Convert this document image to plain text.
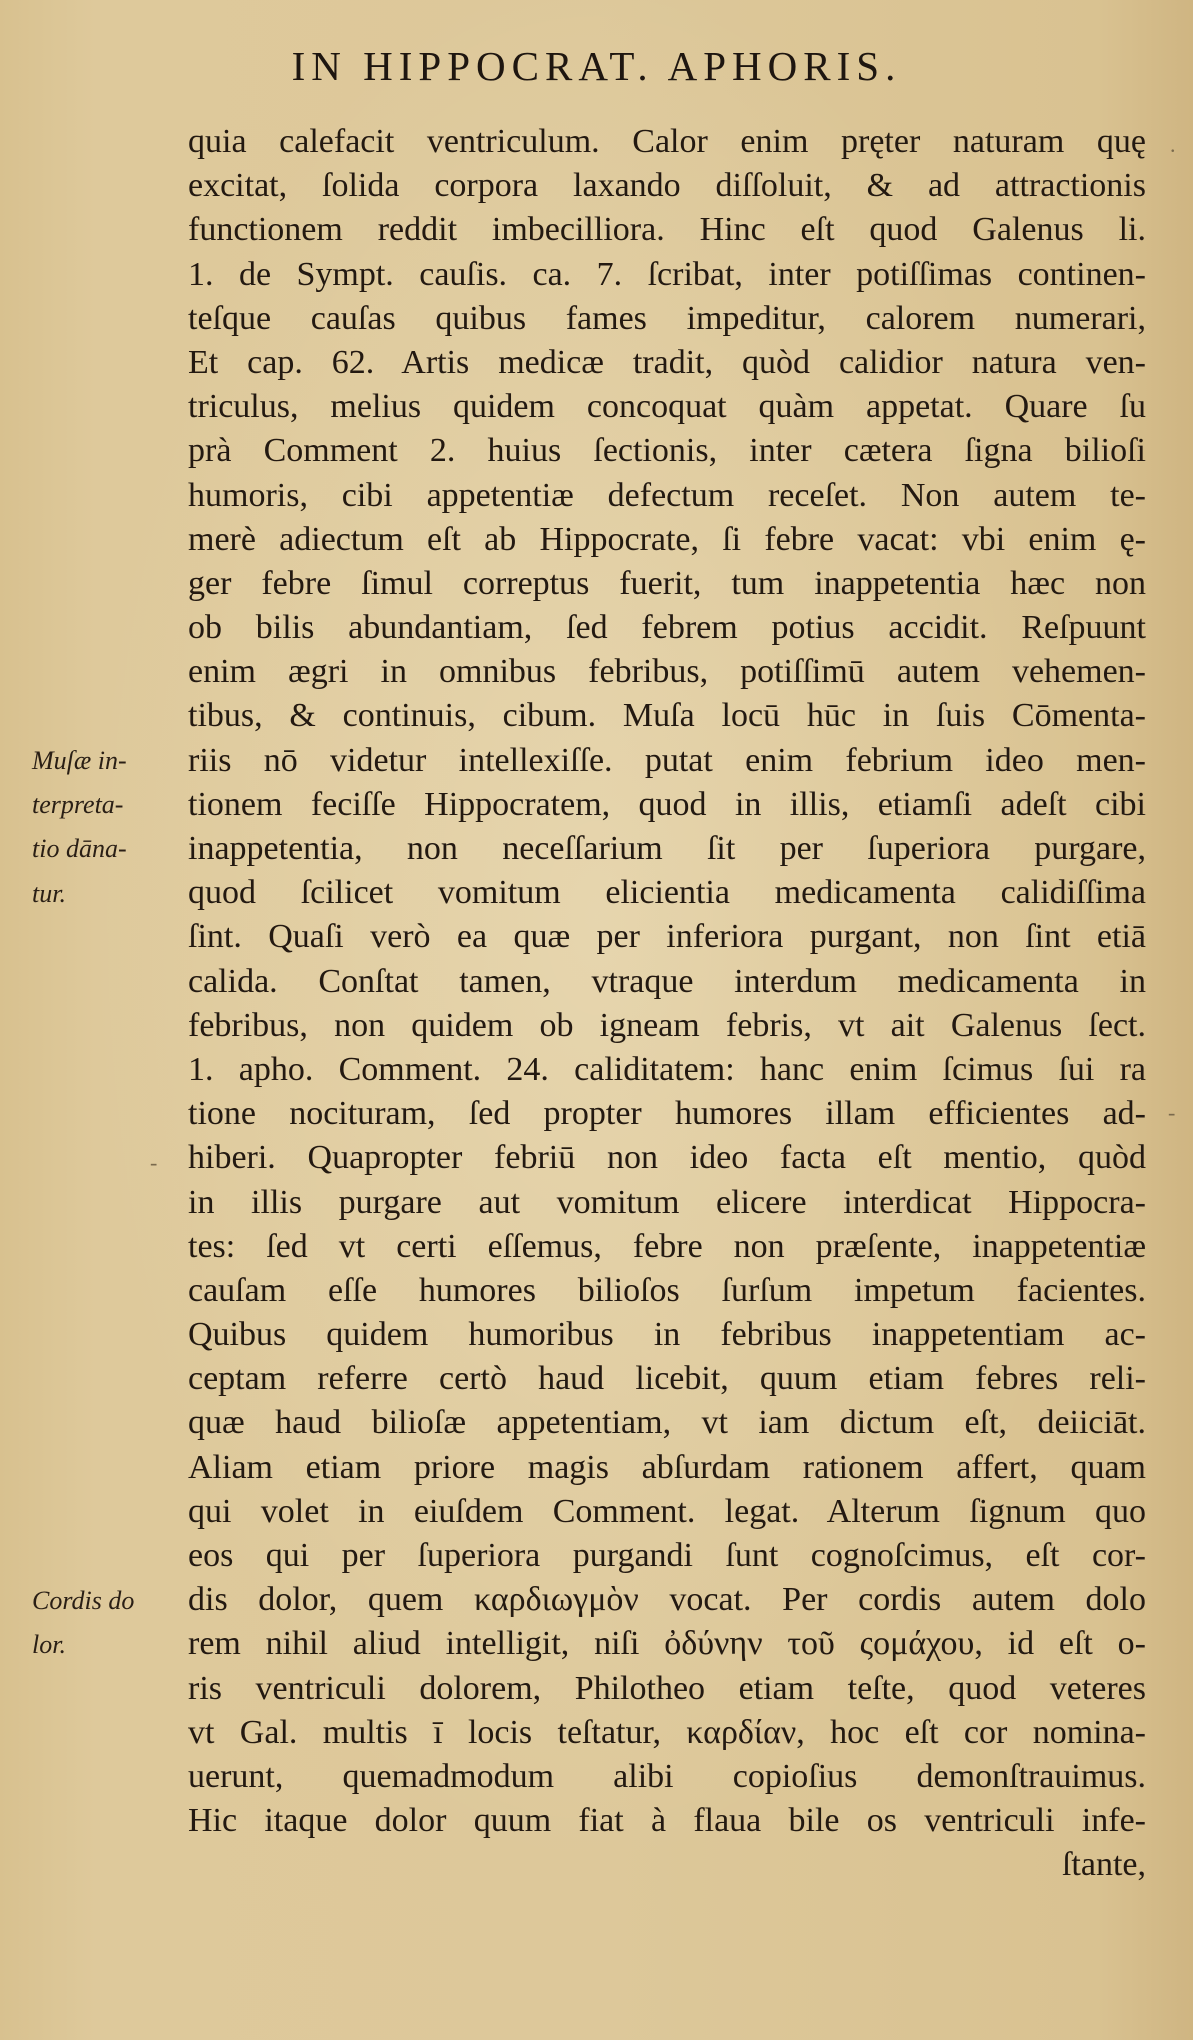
IN HIPPOCRAT. APHORIS.
quia calefacit ventriculum. Calor enim pręter naturam quę
excitat, ſolida corpora laxando diſſoluit, & ad attractionis
functionem reddit imbecilliora. Hinc eſt quod Galenus li.
1. de Sympt. cauſis. ca. 7. ſcribat, inter potiſſimas continen-
teſque cauſas quibus fames impeditur, calorem numerari,
Et cap. 62. Artis medicæ tradit, quòd calidior natura ven-
triculus, melius quidem concoquat quàm appetat. Quare ſu
prà Comment 2. huius ſectionis, inter cætera ſigna bilioſi
humoris, cibi appetentiæ defectum receſet. Non autem te-
merè adiectum eſt ab Hippocrate, ſi febre vacat: vbi enim ę-
ger febre ſimul correptus fuerit, tum inappetentia hæc non
ob bilis abundantiam, ſed febrem potius accidit. Reſpuunt
enim ægri in omnibus febribus, potiſſimū autem vehemen-
tibus, & continuis, cibum. Muſa locū hūc in ſuis Cōmenta-
riis nō videtur intellexiſſe. putat enim febrium ideo men-
tionem feciſſe Hippocratem, quod in illis, etiamſi adeſt cibi
inappetentia, non neceſſarium ſit per ſuperiora purgare,
quod ſcilicet vomitum elicientia medicamenta calidiſſima
ſint. Quaſi verò ea quæ per inferiora purgant, non ſint etiā
calida. Conſtat tamen, vtraque interdum medicamenta in
febribus, non quidem ob igneam febris, vt ait Galenus ſect.
1. apho. Comment. 24. caliditatem: hanc enim ſcimus ſui ra
tione nocituram, ſed propter humores illam efficientes ad-
hiberi. Quapropter febriū non ideo facta eſt mentio, quòd
in illis purgare aut vomitum elicere interdicat Hippocra-
tes: ſed vt certi eſſemus, febre non præſente, inappetentiæ
cauſam eſſe humores bilioſos ſurſum impetum facientes.
Quibus quidem humoribus in febribus inappetentiam ac-
ceptam referre certò haud licebit, quum etiam febres reli-
quæ haud bilioſæ appetentiam, vt iam dictum eſt, deiiciāt.
Aliam etiam priore magis abſurdam rationem affert, quam
qui volet in eiuſdem Comment. legat. Alterum ſignum quo
eos qui per ſuperiora purgandi ſunt cognoſcimus, eſt cor-
dis dolor, quem καρδιωγμὸν vocat. Per cordis autem dolo
rem nihil aliud intelligit, niſi ὀδύνην τοῦ ςομάχου, id eſt o-
ris ventriculi dolorem, Philotheo etiam teſte, quod veteres
vt Gal. multis ī locis teſtatur, καρδίαν, hoc eſt cor nomina-
uerunt, quemadmodum alibi copioſius demonſtrauimus.
Hic itaque dolor quum fiat à flaua bile os ventriculi infe-
ſtante,
Muſæ in-
terpreta-
tio dāna-
tur.
Cordis do
lor.
.
-
-
